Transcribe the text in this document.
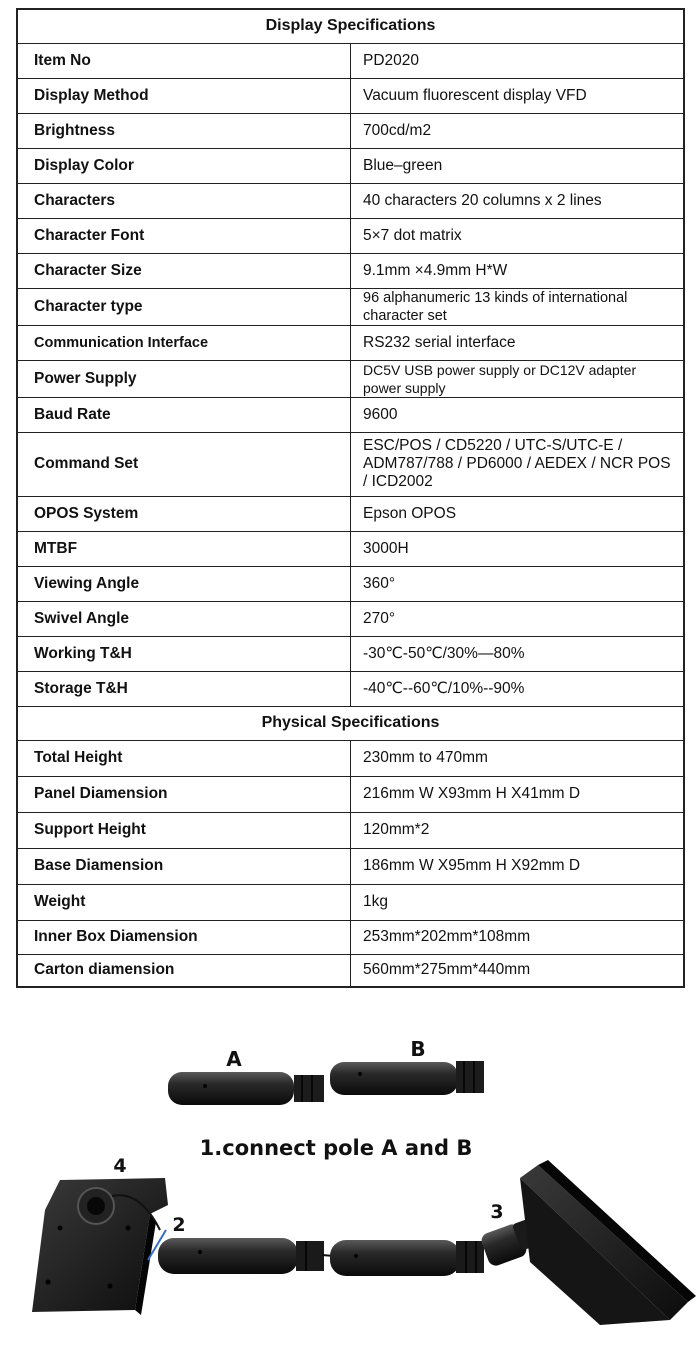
Display Specifications	
Item No	PD2020
Display Method	Vacuum fluorescent display VFD
Brightness	700cd/m2
Display Color	Blue–green
Characters	40 characters 20 columns x 2 lines
Character Font	5×7 dot matrix
Character Size	9.1mm ×4.9mm H*W
Character type	96 alphanumeric 13 kinds of international character set
Communication Interface	RS232 serial interface
Power Supply	DC5V USB power supply or DC12V adapter power supply
Baud Rate	9600
Command Set	ESC/POS / CD5220 / UTC-S/UTC-E / ADM787/788 / PD6000 / AEDEX / NCR POS / ICD2002
OPOS System	Epson OPOS
MTBF	3000H
Viewing Angle	360°
Swivel Angle	270°
Working T&H	-30℃-50℃/30%—80%
Storage T&H	-40℃--60℃/10%--90%
Physical Specifications	
Total Height	230mm to 470mm
Panel Diamension	216mm W X93mm H X41mm D
Support Height	120mm*2
Base Diamension	186mm W X95mm H X92mm D
Weight	1kg
Inner Box Diamension	253mm*202mm*108mm
Carton diamension	560mm*275mm*440mm
A	B
1.connect pole A and B
4
2
3
